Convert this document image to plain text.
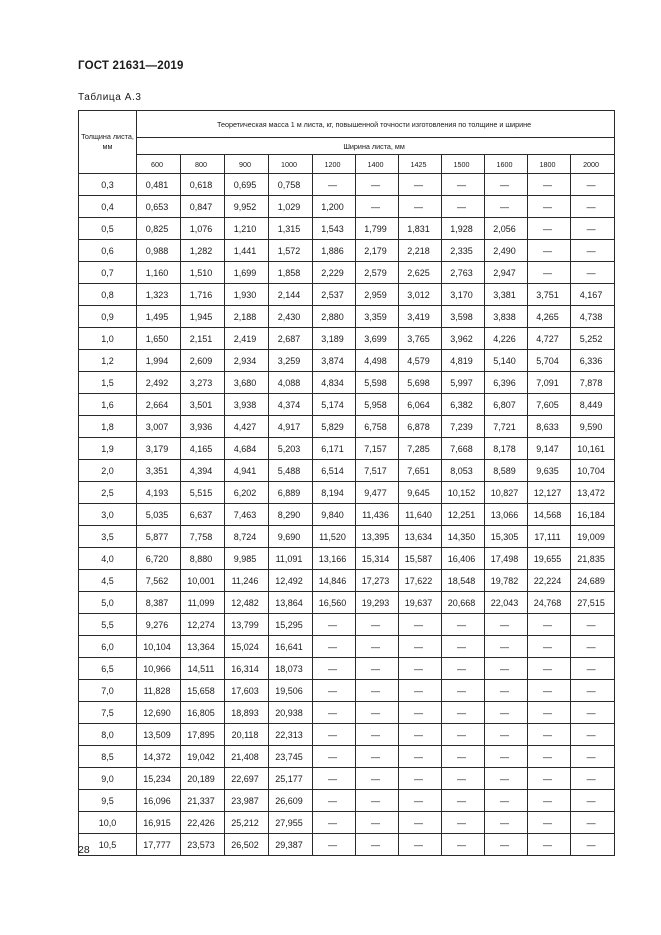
ГОСТ 21631—2019
Таблица А.3
Толщина листа, мм	Теоретическая масса 1 м листа, кг, повышенной точности изготовления по толщине и ширине										
	Ширина листа, мм										
	600	800	900	1000	1200	1400	1425	1500	1600	1800	2000
0,3	0,481	0,618	0,695	0,758	—	—	—	—	—	—	—
0,4	0,653	0,847	9,952	1,029	1,200	—	—	—	—	—	—
0,5	0,825	1,076	1,210	1,315	1,543	1,799	1,831	1,928	2,056	—	—
0,6	0,988	1,282	1,441	1,572	1,886	2,179	2,218	2,335	2,490	—	—
0,7	1,160	1,510	1,699	1,858	2,229	2,579	2,625	2,763	2,947	—	—
0,8	1,323	1,716	1,930	2,144	2,537	2,959	3,012	3,170	3,381	3,751	4,167
0,9	1,495	1,945	2,188	2,430	2,880	3,359	3,419	3,598	3,838	4,265	4,738
1,0	1,650	2,151	2,419	2,687	3,189	3,699	3,765	3,962	4,226	4,727	5,252
1,2	1,994	2,609	2,934	3,259	3,874	4,498	4,579	4,819	5,140	5,704	6,336
1,5	2,492	3,273	3,680	4,088	4,834	5,598	5,698	5,997	6,396	7,091	7,878
1,6	2,664	3,501	3,938	4,374	5,174	5,958	6,064	6,382	6,807	7,605	8,449
1,8	3,007	3,936	4,427	4,917	5,829	6,758	6,878	7,239	7,721	8,633	9,590
1,9	3,179	4,165	4,684	5,203	6,171	7,157	7,285	7,668	8,178	9,147	10,161
2,0	3,351	4,394	4,941	5,488	6,514	7,517	7,651	8,053	8,589	9,635	10,704
2,5	4,193	5,515	6,202	6,889	8,194	9,477	9,645	10,152	10,827	12,127	13,472
3,0	5,035	6,637	7,463	8,290	9,840	11,436	11,640	12,251	13,066	14,568	16,184
3,5	5,877	7,758	8,724	9,690	11,520	13,395	13,634	14,350	15,305	17,111	19,009
4,0	6,720	8,880	9,985	11,091	13,166	15,314	15,587	16,406	17,498	19,655	21,835
4,5	7,562	10,001	11,246	12,492	14,846	17,273	17,622	18,548	19,782	22,224	24,689
5,0	8,387	11,099	12,482	13,864	16,560	19,293	19,637	20,668	22,043	24,768	27,515
5,5	9,276	12,274	13,799	15,295	—	—	—	—	—	—	—
6,0	10,104	13,364	15,024	16,641	—	—	—	—	—	—	—
6,5	10,966	14,511	16,314	18,073	—	—	—	—	—	—	—
7,0	11,828	15,658	17,603	19,506	—	—	—	—	—	—	—
7,5	12,690	16,805	18,893	20,938	—	—	—	—	—	—	—
8,0	13,509	17,895	20,118	22,313	—	—	—	—	—	—	—
8,5	14,372	19,042	21,408	23,745	—	—	—	—	—	—	—
9,0	15,234	20,189	22,697	25,177	—	—	—	—	—	—	—
9,5	16,096	21,337	23,987	26,609	—	—	—	—	—	—	—
10,0	16,915	22,426	25,212	27,955	—	—	—	—	—	—	—
10,5	17,777	23,573	26,502	29,387	—	—	—	—	—	—	—
28
